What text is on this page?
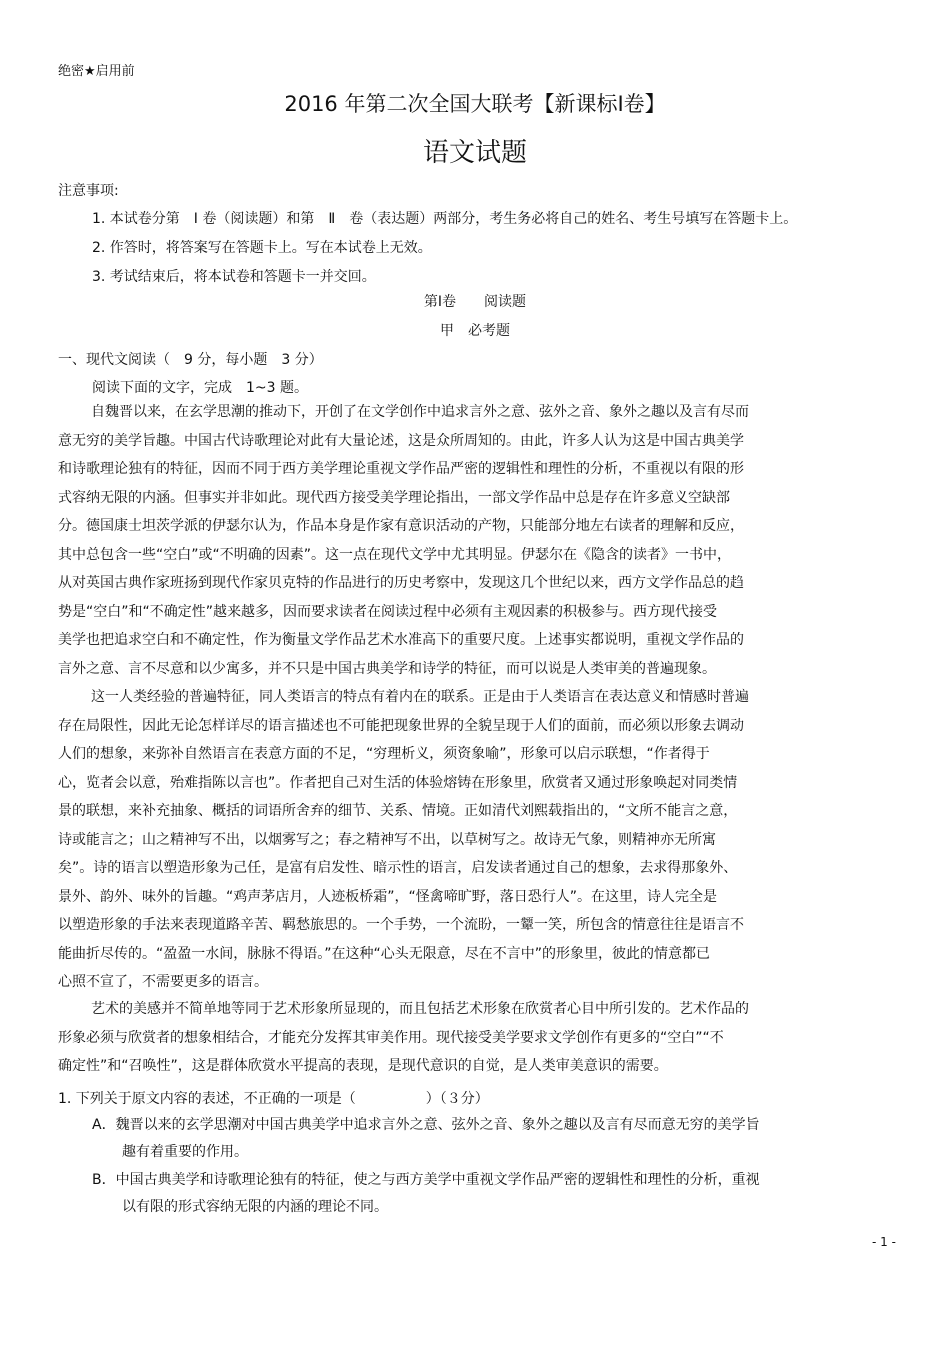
绝密★启用前
2016 年第二次全国大联考【新课标Ⅰ卷】
语文试题
注意事项:
1. 本试卷分第　Ⅰ 卷（阅读题）和第　Ⅱ　卷（表达题）两部分，考生务必将自己的姓名、考生号填写在答题卡上。
2. 作答时，将答案写在答题卡上。写在本试卷上无效。
3. 考试结束后，将本试卷和答题卡一并交回。
第Ⅰ卷　　阅读题
甲　必考题
一、现代文阅读（　9 分，每小题　3 分）
阅读下面的文字，完成　1~3 题。
自魏晋以来，在玄学思潮的推动下，开创了在文学创作中追求言外之意、弦外之音、象外之趣以及言有尽而
意无穷的美学旨趣。中国古代诗歌理论对此有大量论述，这是众所周知的。由此，许多人认为这是中国古典美学
和诗歌理论独有的特征，因而不同于西方美学理论重视文学作品严密的逻辑性和理性的分析，不重视以有限的形
式容纳无限的内涵。但事实并非如此。现代西方接受美学理论指出，一部文学作品中总是存在许多意义空缺部
分。德国康士坦茨学派的伊瑟尔认为，作品本身是作家有意识活动的产物，只能部分地左右读者的理解和反应，
其中总包含一些“空白”或“不明确的因素”。这一点在现代文学中尤其明显。伊瑟尔在《隐含的读者》一书中，
从对英国古典作家班扬到现代作家贝克特的作品进行的历史考察中，发现这几个世纪以来，西方文学作品总的趋
势是“空白”和“不确定性”越来越多，因而要求读者在阅读过程中必须有主观因素的积极参与。西方现代接受
美学也把追求空白和不确定性，作为衡量文学作品艺术水准高下的重要尺度。上述事实都说明，重视文学作品的
言外之意、言不尽意和以少寓多，并不只是中国古典美学和诗学的特征，而可以说是人类审美的普遍现象。
这一人类经验的普遍特征，同人类语言的特点有着内在的联系。正是由于人类语言在表达意义和情感时普遍
存在局限性，因此无论怎样详尽的语言描述也不可能把现象世界的全貌呈现于人们的面前，而必须以形象去调动
人们的想象，来弥补自然语言在表意方面的不足，“穷理析义，须资象喻”，形象可以启示联想，“作者得于
心，览者会以意，殆难指陈以言也”。作者把自己对生活的体验熔铸在形象里，欣赏者又通过形象唤起对同类情
景的联想，来补充抽象、概括的词语所舍弃的细节、关系、情境。正如清代刘熙载指出的，“文所不能言之意，
诗或能言之；山之精神写不出，以烟雾写之；春之精神写不出，以草树写之。故诗无气象，则精神亦无所寓
矣”。诗的语言以塑造形象为己任，是富有启发性、暗示性的语言，启发读者通过自己的想象，去求得那象外、
景外、韵外、味外的旨趣。“鸡声茅店月，人迹板桥霜”，“怪禽啼旷野，落日恐行人”。在这里，诗人完全是
以塑造形象的手法来表现道路辛苦、羁愁旅思的。一个手势，一个流盼，一颦一笑，所包含的情意往往是语言不
能曲折尽传的。“盈盈一水间，脉脉不得语。”在这种“心头无限意，尽在不言中”的形象里，彼此的情意都已
心照不宣了，不需要更多的语言。
艺术的美感并不简单地等同于艺术形象所显现的，而且包括艺术形象在欣赏者心目中所引发的。艺术作品的
形象必须与欣赏者的想象相结合，才能充分发挥其审美作用。现代接受美学要求文学创作有更多的“空白”“不
确定性”和“召唤性”，这是群体欣赏水平提高的表现，是现代意识的自觉，是人类审美意识的需要。
1. 下列关于原文内容的表述，不正确的一项是（　　　　　）（３分）
A．魏晋以来的玄学思潮对中国古典美学中追求言外之意、弦外之音、象外之趣以及言有尽而意无穷的美学旨
趣有着重要的作用。
B．中国古典美学和诗歌理论独有的特征，使之与西方美学中重视文学作品严密的逻辑性和理性的分析，重视
以有限的形式容纳无限的内涵的理论不同。
- 1 -
